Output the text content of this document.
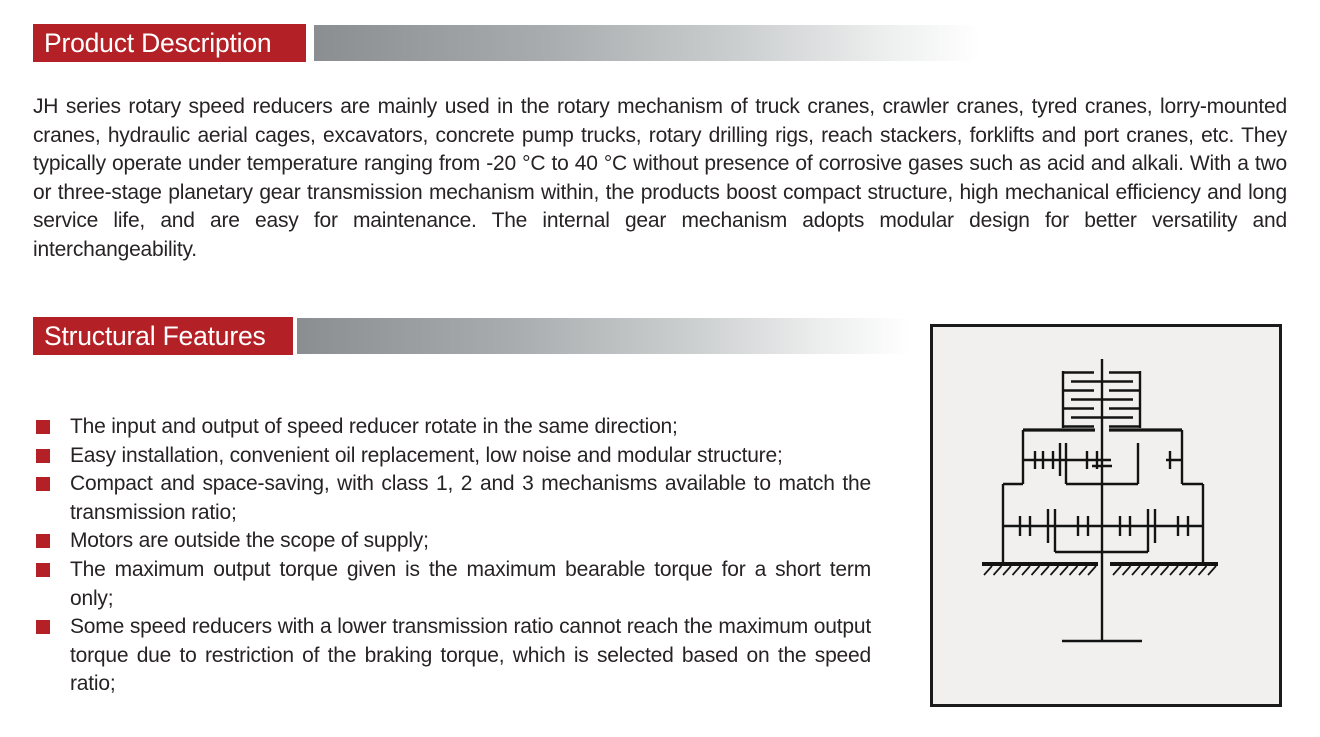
Product Description

JH series rotary speed reducers are mainly used in the rotary mechanism of truck cranes, crawler cranes, tyred cranes, lorry-mounted cranes, hydraulic aerial cages, excavators, concrete pump trucks, rotary drilling rigs, reach stackers, forklifts and port cranes, etc. They typically operate under temperature ranging from -20 °C to 40 °C without presence of corrosive gases such as acid and alkali. With a two or three-stage planetary gear transmission mechanism within, the products boost compact structure, high mechanical efficiency and long service life, and are easy for maintenance. The internal gear mechanism adopts modular design for better versatility and interchangeability.

Structural Features
The input and output of speed reducer rotate in the same direction;
Easy installation, convenient oil replacement, low noise and modular structure;
Compact and space-saving, with class 1, 2 and 3 mechanisms available to match the transmission ratio;
Motors are outside the scope of supply;
The maximum output torque given is the maximum bearable torque for a short term only;
Some speed reducers with a lower transmission ratio cannot reach the maximum output torque due to restriction of the braking torque, which is selected based on the speed ratio;
